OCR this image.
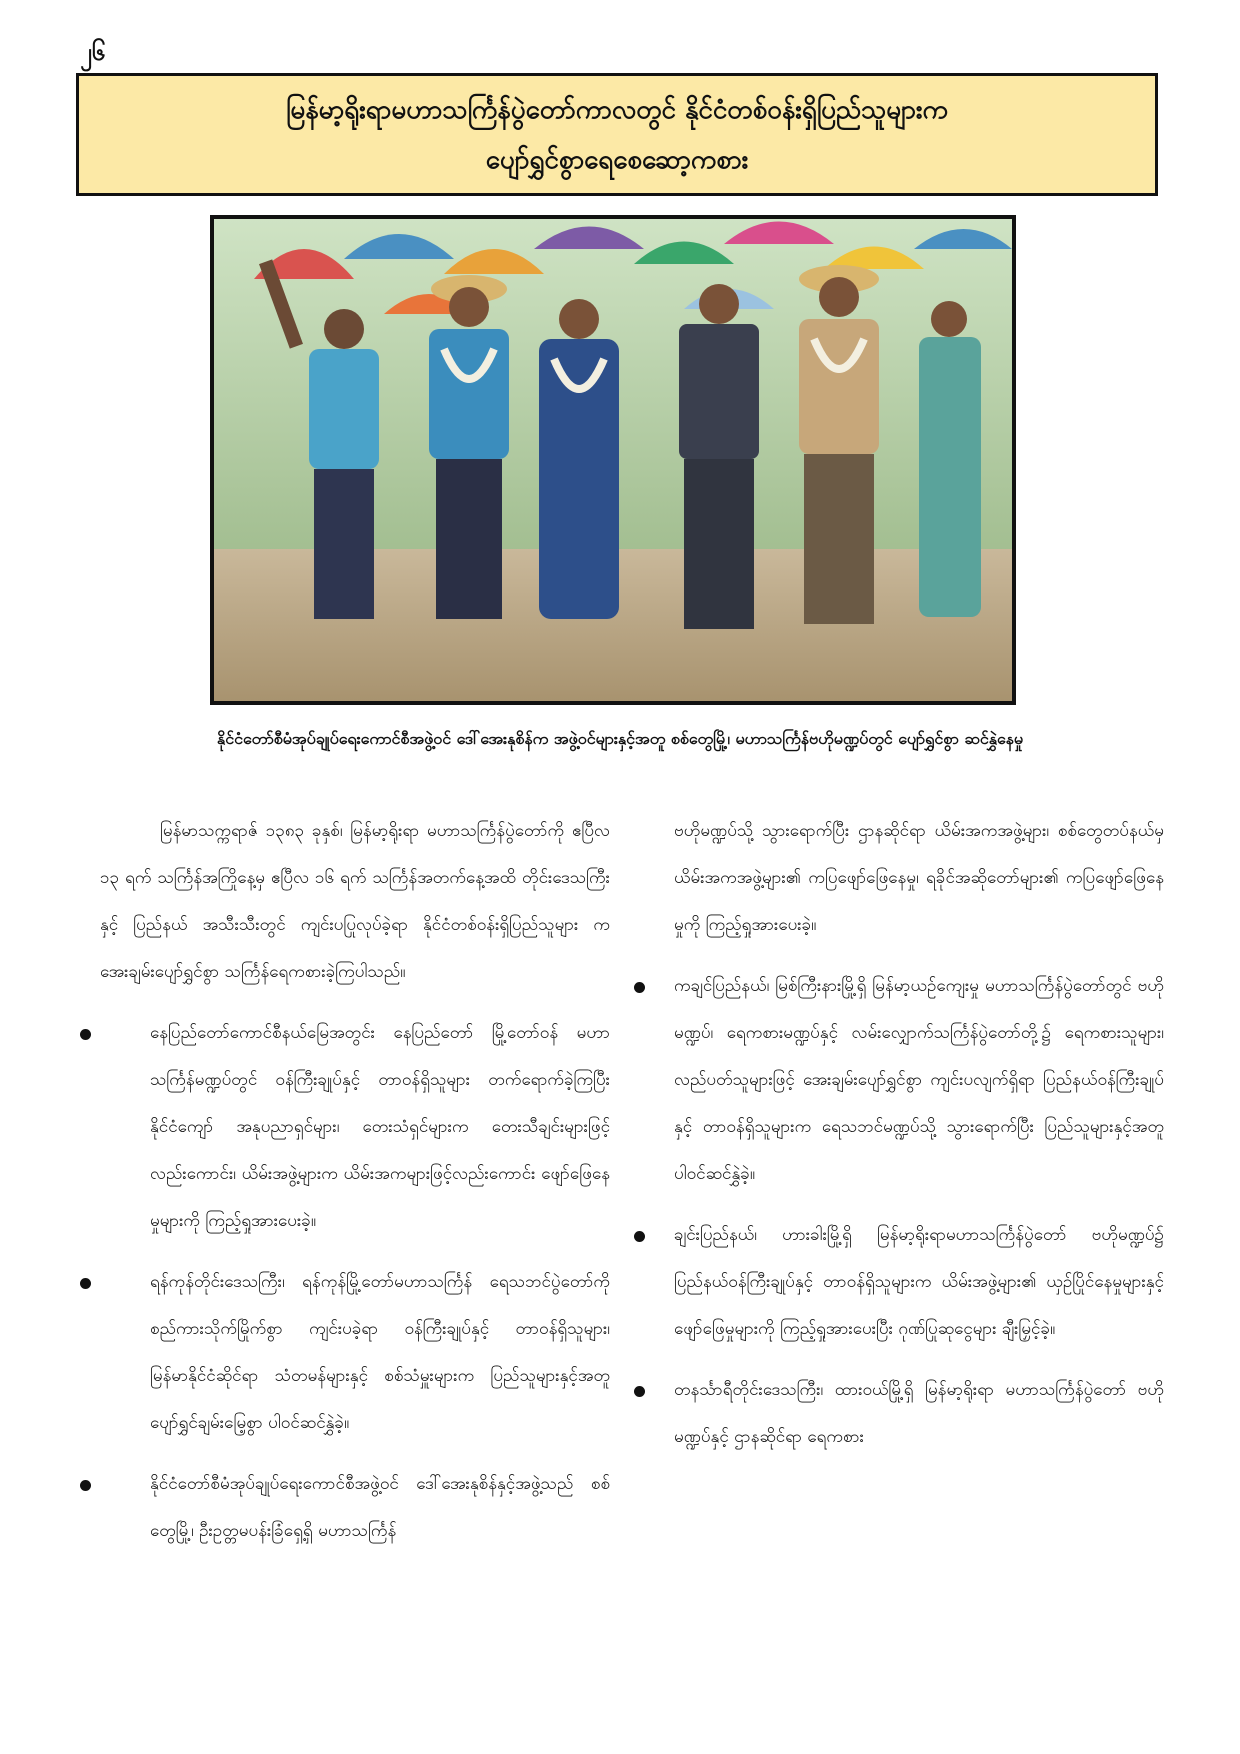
၂၆
မြန်မာ့ရိုးရာမဟာသင်္ကြန်ပွဲတော်ကာလတွင် နိုင်ငံတစ်ဝန်းရှိပြည်သူများက
ပျော်ရွှင်စွာရေစေဆော့ကစား
နိုင်ငံတော်စီမံအုပ်ချုပ်ရေးကောင်စီအဖွဲ့ဝင် ဒေါ်အေးနုစိန်က အဖွဲ့ဝင်များနှင့်အတူ စစ်တွေမြို့၊ မဟာသင်္ကြန်ဗဟိုမဏ္ဍပ်တွင် ပျော်ရွှင်စွာ ဆင်နွှဲနေမှု

မြန်မာသက္ကရာဇ် ၁၃၈၃ ခုနှစ်၊ မြန်မာ့ရိုးရာ မဟာသင်္ကြန်ပွဲတော်ကို ဧပြီလ ၁၃ ရက် သင်္ကြန်အကြိုနေ့မှ ဧပြီလ ၁၆ ရက် သင်္ကြန်အတက်နေ့အထိ တိုင်းဒေသကြီးနှင့် ပြည်နယ် အသီးသီးတွင် ကျင်းပပြုလုပ်ခဲ့ရာ နိုင်ငံတစ်ဝန်းရှိပြည်သူများ က အေးချမ်းပျော်ရွှင်စွာ သင်္ကြန်ရေကစားခဲ့ကြပါသည်။

နေပြည်တော်ကောင်စီနယ်မြေအတွင်း နေပြည်တော် မြို့တော်ဝန် မဟာသင်္ကြန်မဏ္ဍပ်တွင် ဝန်ကြီးချုပ်နှင့် တာဝန်ရှိသူများ တက်ရောက်ခဲ့ကြပြီး နိုင်ငံကျော် အနုပညာရှင်များ၊ တေးသံရှင်များက တေးသီချင်းများဖြင့်လည်းကောင်း၊ ယိမ်းအဖွဲ့များက ယိမ်းအကများဖြင့်လည်းကောင်း ဖျော်ဖြေနေမှုများကို ကြည့်ရှုအားပေးခဲ့။
ရန်ကုန်တိုင်းဒေသကြီး၊ ရန်ကုန်မြို့တော်မဟာသင်္ကြန် ရေသဘင်ပွဲတော်ကို စည်ကားသိုက်မြိုက်စွာ ကျင်းပခဲ့ရာ ဝန်ကြီးချုပ်နှင့် တာဝန်ရှိသူများ၊ မြန်မာနိုင်ငံဆိုင်ရာ သံတမန်များနှင့် စစ်သံမှူးများက ပြည်သူများနှင့်အတူ ပျော်ရွှင်ချမ်းမြေ့စွာ ပါဝင်ဆင်နွှဲခဲ့။
နိုင်ငံတော်စီမံအုပ်ချုပ်ရေးကောင်စီအဖွဲ့ဝင် ဒေါ်အေးနုစိန်နှင့်အဖွဲ့သည် စစ်တွေမြို့၊ ဦးဥတ္တမပန်းခြံရှေ့ရှိ မဟာသင်္ကြန်

ဗဟိုမဏ္ဍပ်သို့ သွားရောက်ပြီး ဌာနဆိုင်ရာ ယိမ်းအကအဖွဲ့များ၊ စစ်တွေတပ်နယ်မှ ယိမ်းအကအဖွဲ့များ၏ ကပြဖျော်ဖြေနေမှု၊ ရခိုင်အဆိုတော်များ၏ ကပြဖျော်ဖြေနေမှုကို ကြည့်ရှုအားပေးခဲ့။

ကချင်ပြည်နယ်၊ မြစ်ကြီးနားမြို့ရှိ မြန်မာ့ယဉ်ကျေးမှု မဟာသင်္ကြန်ပွဲတော်တွင် ဗဟိုမဏ္ဍပ်၊ ရေကစားမဏ္ဍပ်နှင့် လမ်းလျှောက်သင်္ကြန်ပွဲတော်တို့၌ ရေကစားသူများ၊ လည်ပတ်သူများဖြင့် အေးချမ်းပျော်ရွှင်စွာ ကျင်းပလျက်ရှိရာ ပြည်နယ်ဝန်ကြီးချုပ်နှင့် တာဝန်ရှိသူများက ရေသဘင်မဏ္ဍပ်သို့ သွားရောက်ပြီး ပြည်သူများနှင့်အတူ ပါဝင်ဆင်နွှဲခဲ့။
ချင်းပြည်နယ်၊ ဟားခါးမြို့ရှိ မြန်မာ့ရိုးရာမဟာသင်္ကြန်ပွဲတော် ဗဟိုမဏ္ဍပ်၌ ပြည်နယ်ဝန်ကြီးချုပ်နှင့် တာဝန်ရှိသူများက ယိမ်းအဖွဲ့များ၏ ယှဉ်ပြိုင်နေမှုများနှင့် ဖျော်ဖြေမှုများကို ကြည့်ရှုအားပေးပြီး ဂုဏ်ပြုဆုငွေများ ချီးမြှင့်ခဲ့။
တနင်္သာရီတိုင်းဒေသကြီး၊ ထားဝယ်မြို့ရှိ မြန်မာ့ရိုးရာ မဟာသင်္ကြန်ပွဲတော် ဗဟိုမဏ္ဍပ်နှင့် ဌာနဆိုင်ရာ ရေကစား
